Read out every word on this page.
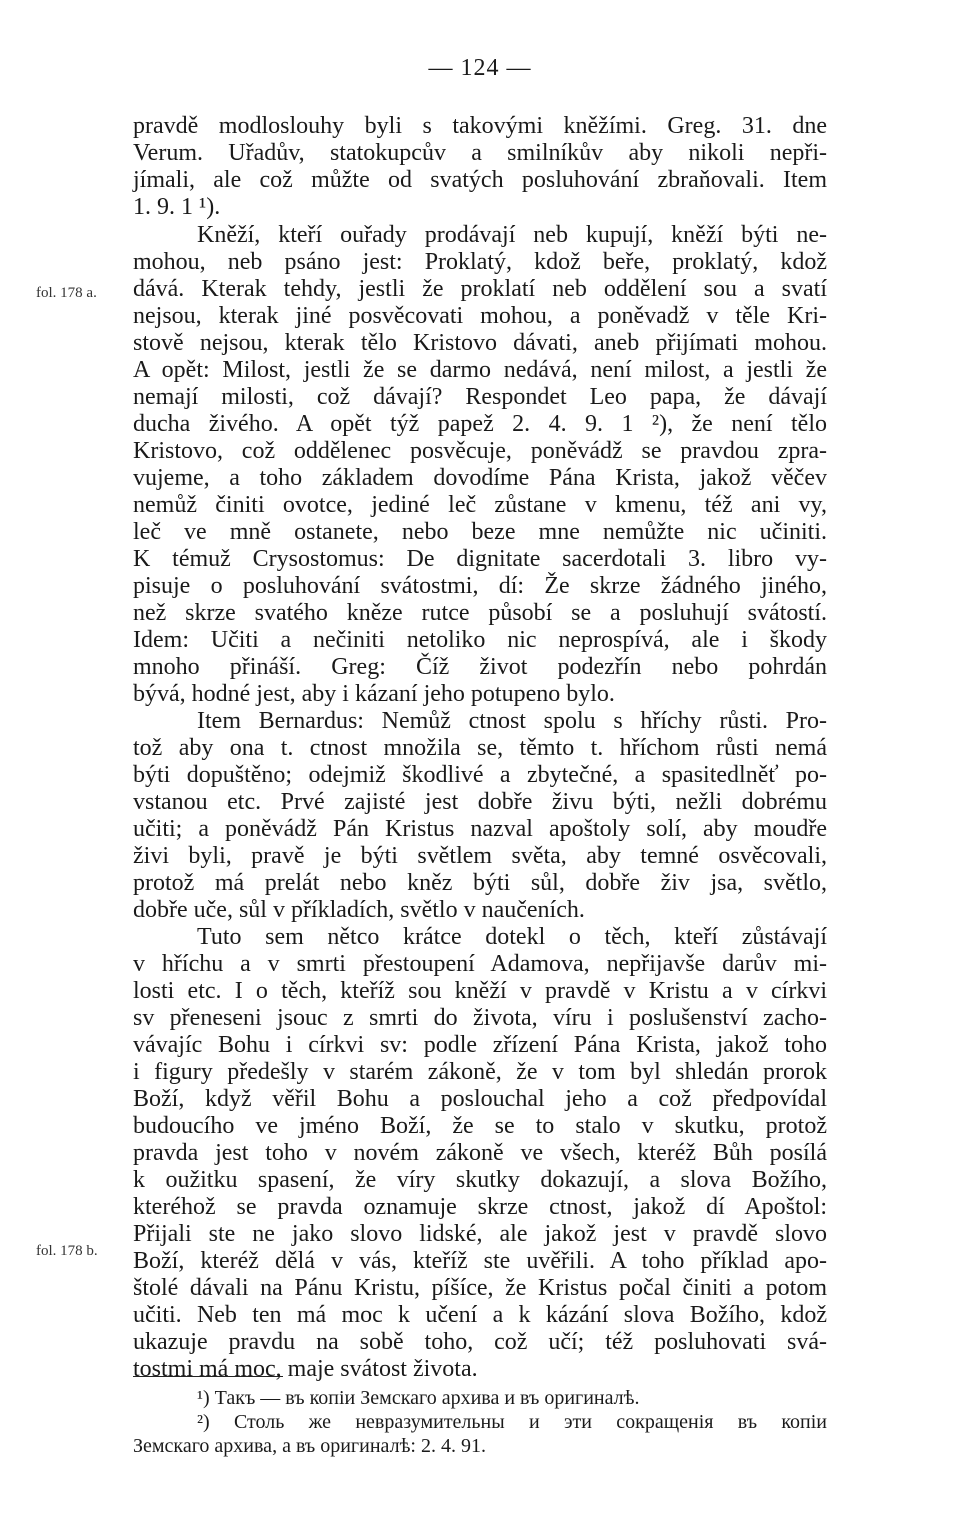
— 124 —
fol. 178 a.
fol. 178 b.
pravdě modloslouhy byli s takovými kněžími. Greg. 31. dne
Verum. Uřadův, statokupcův a smilníkův aby nikoli nepři-
jímali, ale což můžte od svatých posluhování zbraňovali. Item
1. 9. 1 ¹).
Kněží, kteří ouřady prodávají neb kupují, kněží býti ne-
mohou, neb psáno jest: Proklatý, kdož beře, proklatý, kdož
dává. Kterak tehdy, jestli že proklatí neb oddělení sou a svatí
nejsou, kterak jiné posvěcovati mohou, a poněvadž v těle Kri-
stově nejsou, kterak tělo Kristovo dávati, aneb přijímati mohou.
A opět: Milost, jestli že se darmo nedává, není milost, a jestli že
nemají milosti, což dávají? Respondet Leo papa, že dávají
ducha živého. A opět týž papež 2. 4. 9. 1 ²), že není tělo
Kristovo, což oddělenec posvěcuje, poněvádž se pravdou zpra-
vujeme, a toho základem dovodíme Pána Krista, jakož věčev
nemůž činiti ovotce, jediné leč zůstane v kmenu, též ani vy,
leč ve mně ostanete, nebo beze mne nemůžte nic učiniti.
K témuž Crysostomus: De dignitate sacerdotali 3. libro vy-
pisuje o posluhování svátostmi, dí: Že skrze žádného jiného,
než skrze svatého kněze rutce působí se a posluhují svátostí.
Idem: Učiti a nečiniti netoliko nic neprospívá, ale i škody
mnoho přináší. Greg: Číž život podezřín nebo pohrdán
bývá, hodné jest, aby i kázaní jeho potupeno bylo.
Item Bernardus: Nemůž ctnost spolu s hříchy růsti. Pro-
tož aby ona t. ctnost množila se, těmto t. hříchom růsti nemá
býti dopuštěno; odejmiž škodlivé a zbytečné, a spasitedlněť po-
vstanou etc. Prvé zajisté jest dobře živu býti, nežli dobrému
učiti; a poněvádž Pán Kristus nazval apoštoly solí, aby moudře
živi byli, pravě je býti světlem světa, aby temné osvěcovali,
protož má prelát nebo kněz býti sůl, dobře živ jsa, světlo,
dobře uče, sůl v příkladích, světlo v naučeních.
Tuto sem nětco krátce dotekl o těch, kteří zůstávají
v hříchu a v smrti přestoupení Adamova, nepřijavše darův mi-
losti etc. I o těch, kteříž sou kněží v pravdě v Kristu a v církvi
sv přeneseni jsouc z smrti do života, víru i poslušenství zacho-
vávajíc Bohu i církvi sv: podle zřízení Pána Krista, jakož toho
i figury předešly v starém zákoně, že v tom byl shledán prorok
Boží, když věřil Bohu a poslouchal jeho a což předpovídal
budoucího ve jméno Boží, že se to stalo v skutku, protož
pravda jest toho v novém zákoně ve všech, kteréž Bůh posílá
k oužitku spasení, že víry skutky dokazují, a slova Božího,
kteréhož se pravda oznamuje skrze ctnost, jakož dí Apoštol:
Přijali ste ne jako slovo lidské, ale jakož jest v pravdě slovo
Boží, kteréž dělá v vás, kteříž ste uvěřili. A toho příklad apo-
štolé dávali na Pánu Kristu, píšíce, že Kristus počal činiti a potom
učiti. Neb ten má moc k učení a k kázání slova Božího, kdož
ukazuje pravdu na sobě toho, což učí; též posluhovati svá-
tostmi má moc, maje svátost života.
¹) Такъ — въ копіи Земскаго архива и въ оригиналѣ.
²) Столь же невразумительны и эти сокращенія въ копіи
Земскаго архива, а въ оригиналѣ: 2. 4. 91.
